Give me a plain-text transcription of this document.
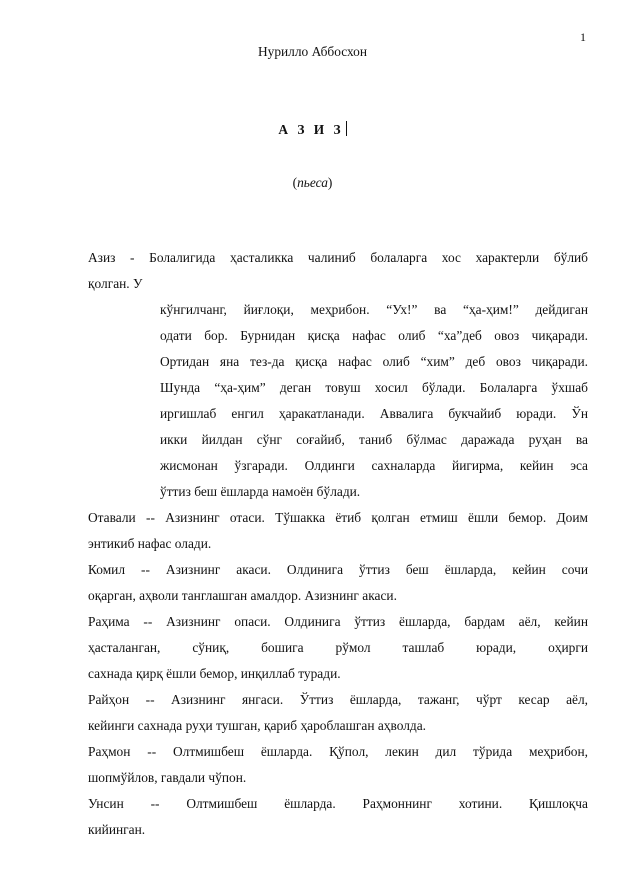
1
Нурилло Аббосхон
А З И З
(пьеса)
Азиз - Болалигида ҳасталикка чалиниб болаларга хос характерли бўлиб
қолган. У
кўнгилчанг, йиғлоқи, меҳрибон. “Ух!” ва “ҳа-ҳим!” дейдиган
одати бор. Бурнидан қисқа нафас олиб “ха”деб овоз чиқаради.
Ортидан яна тез-да қисқа нафас олиб “хим” деб овоз чиқаради.
Шунда “ҳа-ҳим” деган товуш хосил бўлади. Болаларга ўхшаб
иргишлаб енгил ҳаракатланади. Аввалига букчайиб юради. Ўн
икки йилдан сўнг соғайиб, таниб бўлмас даражада руҳан ва
жисмонан ўзгаради. Олдинги сахналарда йигирма, кейин эса
ўттиз беш ёшларда намоён бўлади.
Отавали -- Азизнинг отаси. Тўшакка ётиб қолган етмиш ёшли бемор. Доим
энтикиб нафас олади.
Комил -- Азизнинг акаси. Олдинига ўттиз беш ёшларда, кейин сочи
оқарган, аҳволи танглашган амалдор. Азизнинг акаси.
Раҳима -- Азизнинг опаси. Олдинига ўттиз ёшларда, бардам аёл, кейин
ҳасталанган, сўниқ, бошига рўмол ташлаб юради, оҳирги
сахнада қирқ ёшли бемор, инқиллаб туради.
Райҳон -- Азизнинг янгаси. Ўттиз ёшларда, тажанг, чўрт кесар аёл,
кейинги сахнада руҳи тушган, қариб ҳароблашган аҳволда.
Раҳмон -- Олтмишбеш ёшларда. Қўпол, лекин дил тўрида меҳрибон,
шопмўйлов, гавдали чўпон.
Унсин -- Олтмишбеш ёшларда. Раҳмоннинг хотини. Қишлоқча
кийинган.
